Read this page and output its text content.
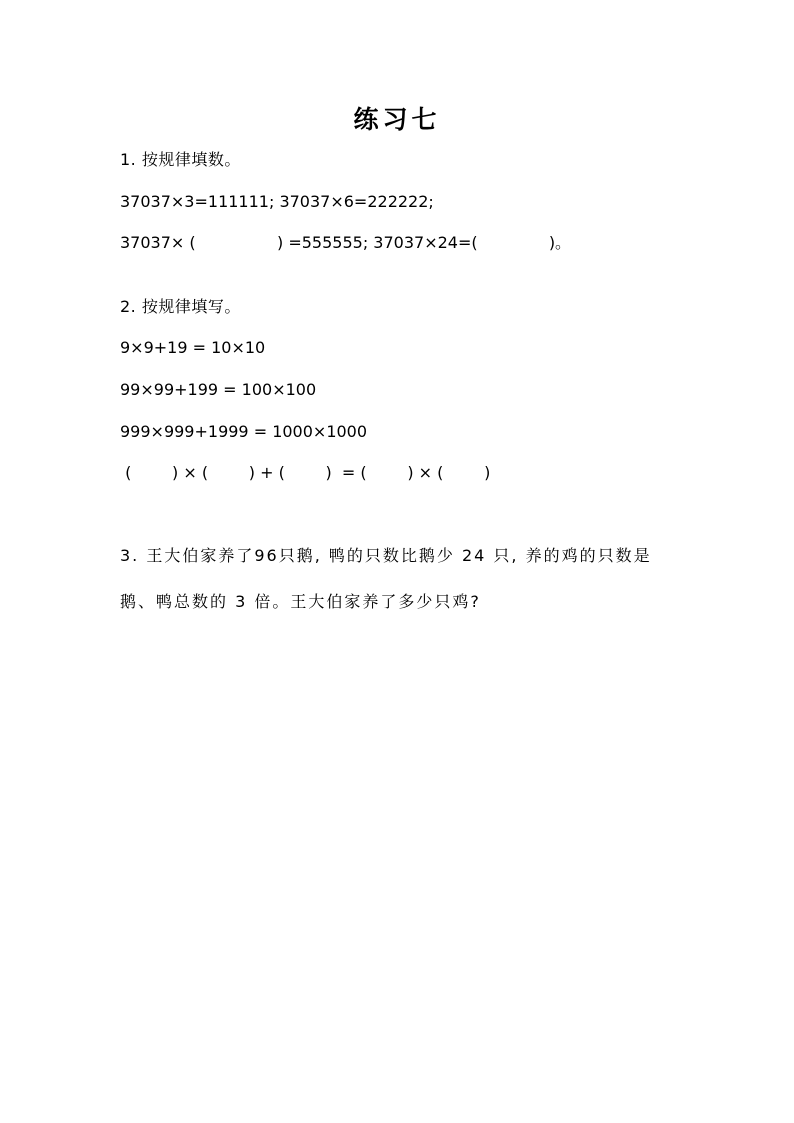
练习七
1. 按规律填数。
37037×3=111111; 37037×6=222222;
37037× (                ) =555555; 37037×24=(              )。
2. 按规律填写。
9×9+19 = 10×10
99×99+199 = 100×100
999×999+1999 = 1000×1000
(        ) × (        ) + (        )  = (        ) × (        )
3. 王大伯家养了96只鹅, 鸭的只数比鹅少 24 只, 养的鸡的只数是
鹅、鸭总数的 3 倍。王大伯家养了多少只鸡?
